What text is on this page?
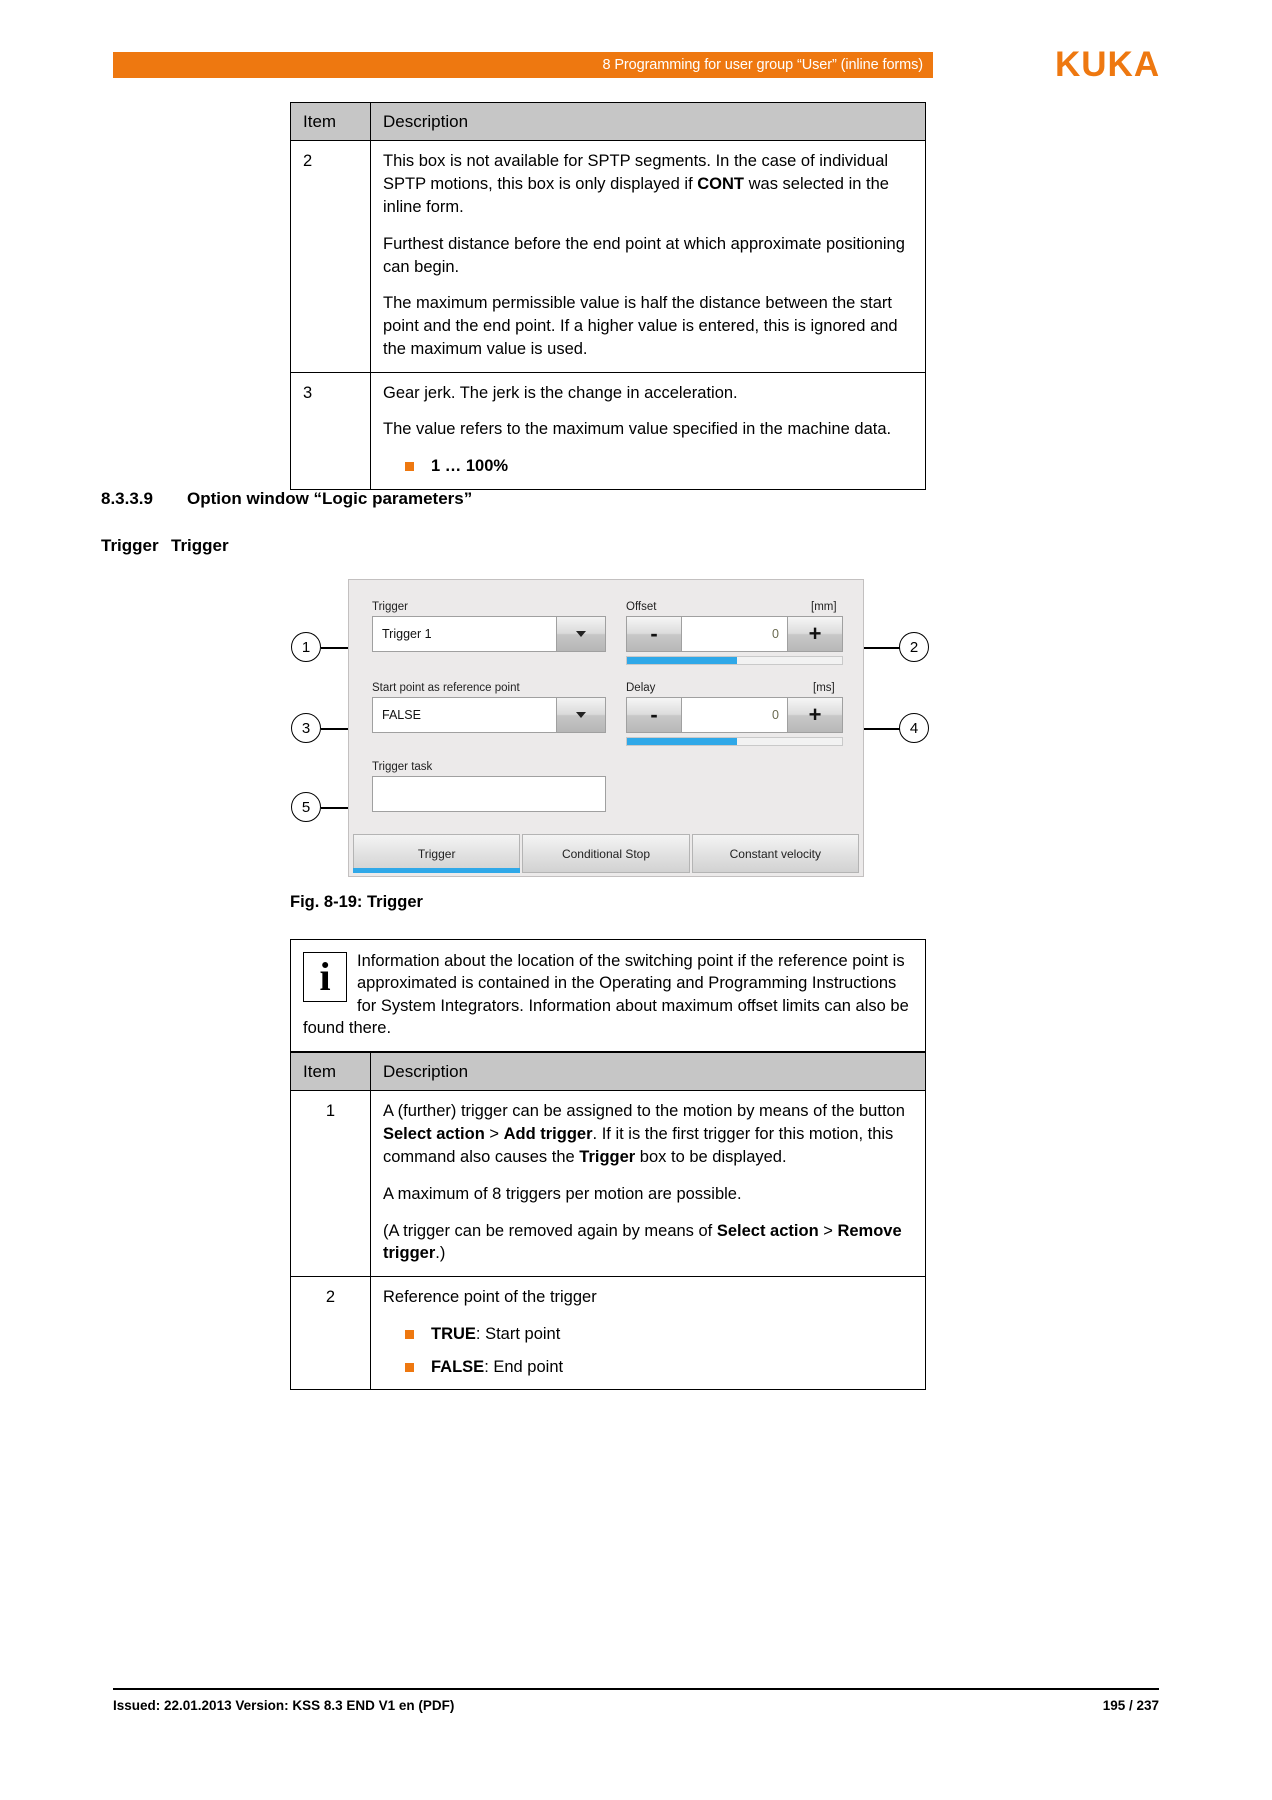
8 Programming for user group “User” (inline forms)	KUKA
Item	Description
2	This box is not available for SPTP segments. In the case of individual SPTP motions, this box is only displayed if CONT was selected in the inline form.

Furthest distance before the end point at which approximate positioning can begin.

The maximum permissible value is half the distance between the start point and the end point. If a higher value is entered, this is ignored and the maximum value is used.

3	Gear jerk. The jerk is the change in acceleration.

The value refers to the maximum value specified in the machine data.

1 … 100%
8.3.3.9 Option window “Logic parameters”
Trigger Trigger
1
3
5
2
4
Trigger
Trigger 1
Offset	[mm]
-	0	+
Start point as reference point
FALSE
Delay	[ms]
-	0	+
Trigger task
Trigger	Conditional Stop	Constant velocity
Fig. 8-19: Trigger
i	Information about the location of the switching point if the reference point is approximated is contained in the Operating and Programming Instructions for System Integrators. Information about maximum offset limits can also be found there.
Item	Description
1	A (further) trigger can be assigned to the motion by means of the button Select action > Add trigger. If it is the first trigger for this motion, this command also causes the Trigger box to be displayed.

A maximum of 8 triggers per motion are possible.

(A trigger can be removed again by means of Select action > Remove trigger.)

2	Reference point of the trigger

TRUE: Start point
FALSE: End point
Issued: 22.01.2013 Version: KSS 8.3 END V1 en (PDF)	195 / 237
